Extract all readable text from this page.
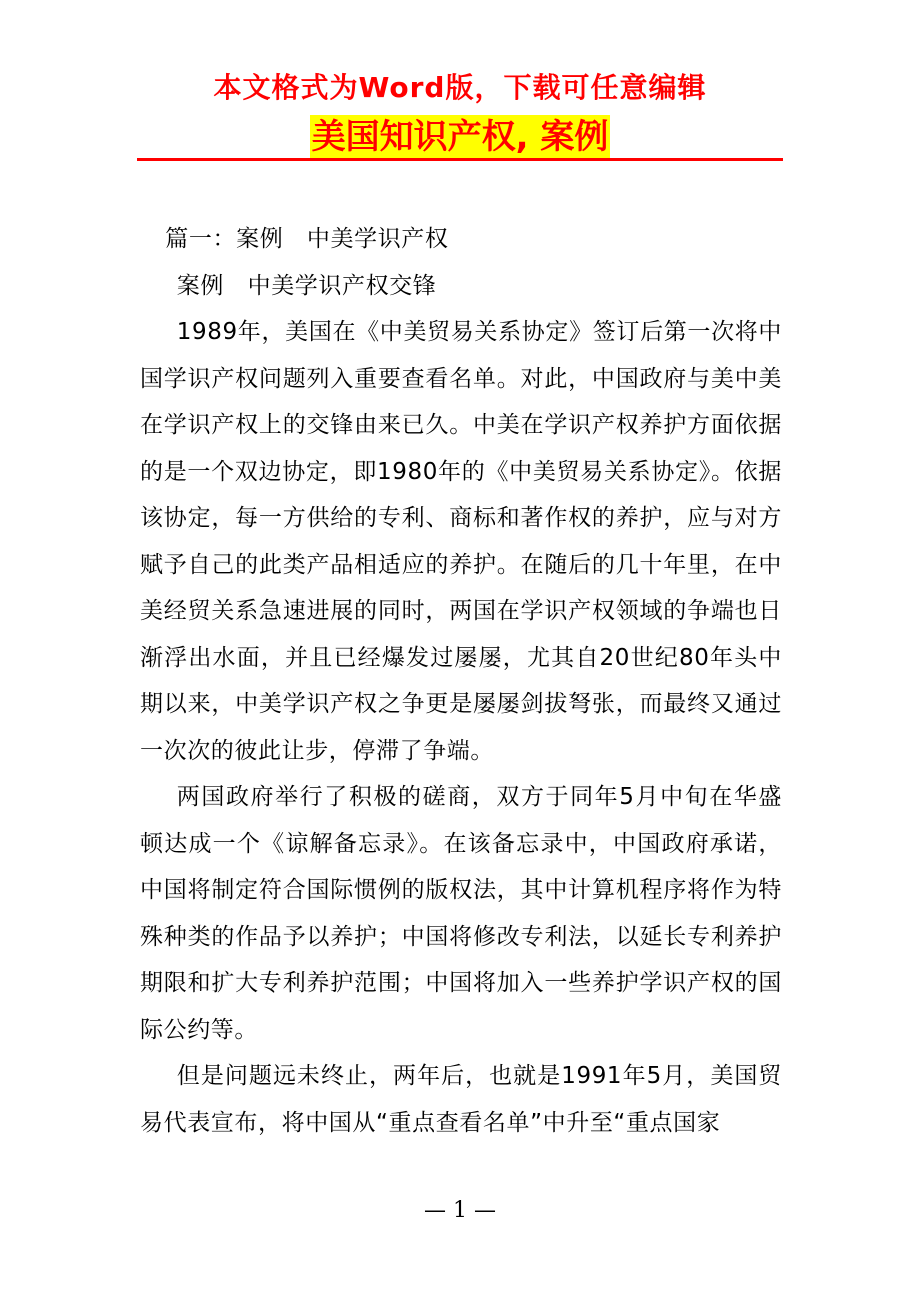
本文格式为Word版，下载可任意编辑
美国知识产权, 案例

篇一：案例　中美学识产权

案例　中美学识产权交锋

1989年，美国在《中美贸易关系协定》签订后第一次将中国学识产权问题列入重要查看名单。对此，中国政府与美中美在学识产权上的交锋由来已久。中美在学识产权养护方面依据的是一个双边协定，即1980年的《中美贸易关系协定》。依据该协定，每一方供给的专利、商标和著作权的养护，应与对方赋予自己的此类产品相适应的养护。在随后的几十年里，在中美经贸关系急速进展的同时，两国在学识产权领域的争端也日渐浮出水面，并且已经爆发过屡屡，尤其自20世纪80年头中期以来，中美学识产权之争更是屡屡剑拔弩张，而最终又通过一次次的彼此让步，停滞了争端。

两国政府举行了积极的磋商，双方于同年5月中旬在华盛顿达成一个《谅解备忘录》。在该备忘录中，中国政府承诺，中国将制定符合国际惯例的版权法，其中计算机程序将作为特殊种类的作品予以养护；中国将修改专利法，以延长专利养护期限和扩大专利养护范围；中国将加入一些养护学识产权的国际公约等。

但是问题远未终止，两年后，也就是1991年5月，美国贸易代表宣布，将中国从“重点查看名单”中升至“重点国家

— 1 —
